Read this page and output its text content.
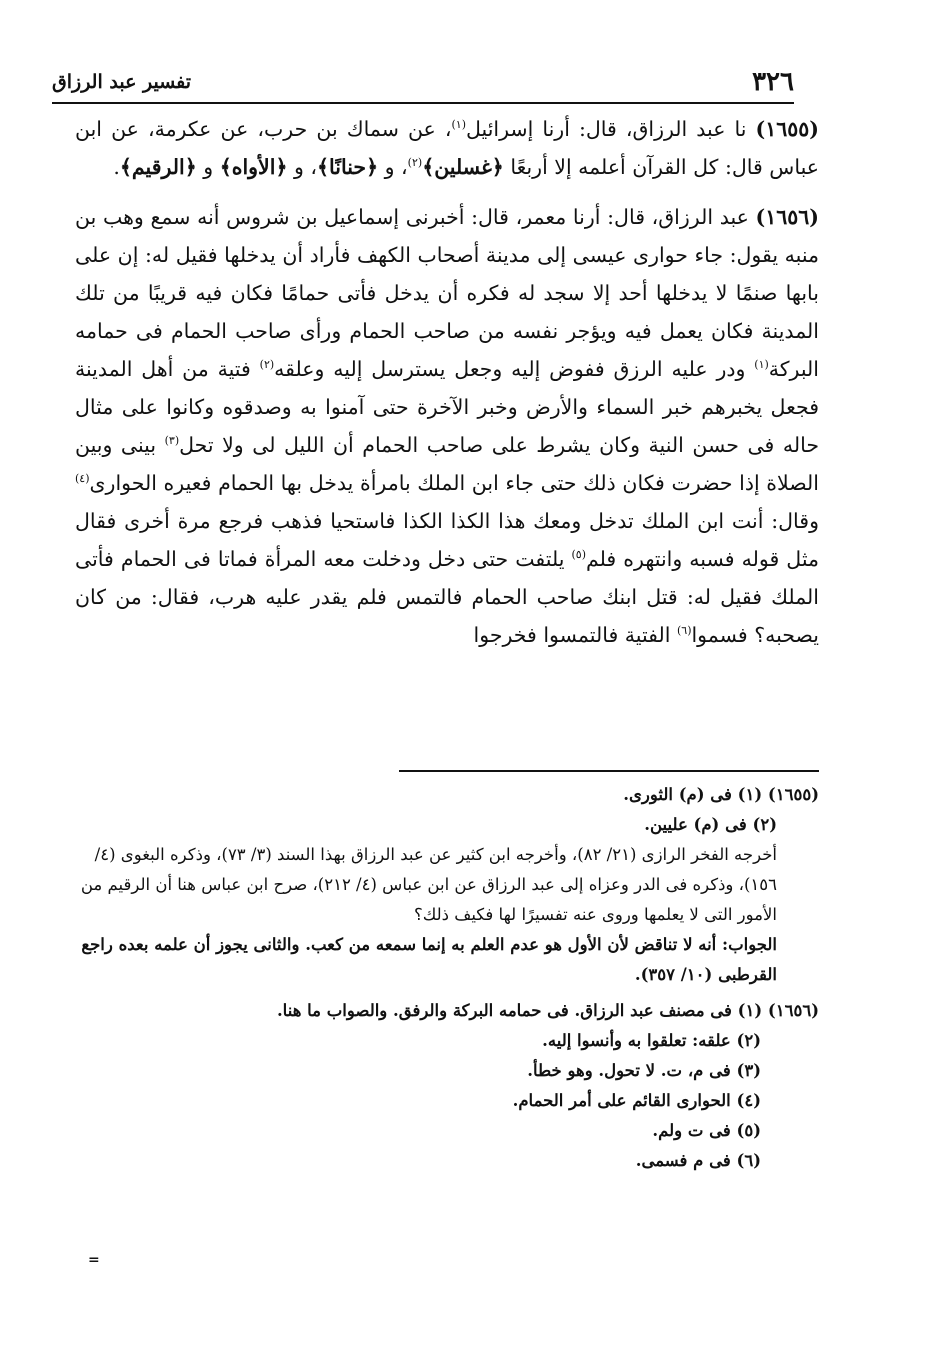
٣٢٦
تفسير عبد الرزاق

(١٦٥٥) نا عبد الرزاق، قال: أرنا إسرائيل$^{(١)}$، عن سماك بن حرب، عن عكرمة، عن ابن عباس قال: كل القرآن أعلمه إلا أربعًا ﴿غسلين﴾$^{(٢)}$، و ﴿حنانًا﴾، و ﴿الأواه﴾ و ﴿الرقيم﴾.

(١٦٥٦) عبد الرزاق، قال: أرنا معمر، قال: أخبرنى إسماعيل بن شروس أنه سمع وهب بن منبه يقول: جاء حوارى عيسى إلى مدينة أصحاب الكهف فأراد أن يدخلها فقيل له: إن على بابها صنمًا لا يدخلها أحد إلا سجد له فكره أن يدخل فأتى حمامًا فكان فيه قريبًا من تلك المدينة فكان يعمل فيه ويؤجر نفسه من صاحب الحمام ورأى صاحب الحمام فى حمامه البركة$^{(١)}$ ودر عليه الرزق ففوض إليه وجعل يسترسل إليه وعلقه$^{(٢)}$ فتية من أهل المدينة فجعل يخبرهم خبر السماء والأرض وخبر الآخرة حتى آمنوا به وصدقوه وكانوا على مثال حاله فى حسن النية وكان يشرط على صاحب الحمام أن الليل لى ولا تحل$^{(٣)}$ بينى وبين الصلاة إذا حضرت فكان ذلك حتى جاء ابن الملك بامرأة يدخل بها الحمام فعيره الحوارى$^{(٤)}$ وقال: أنت ابن الملك تدخل ومعك هذا الكذا الكذا فاستحيا فذهب فرجع مرة أخرى فقال مثل قوله فسبه وانتهره فلم$^{(٥)}$ يلتفت حتى دخل ودخلت معه المرأة فماتا فى الحمام فأتى الملك فقيل له: قتل ابنك صاحب الحمام فالتمس فلم يقدر عليه هرب، فقال: من كان يصحبه؟ فسموا$^{(٦)}$ الفتية فالتمسوا فخرجوا

(١٦٥٥) (١) فى (م) الثورى.

(٢) فى (م) عليين.

أخرجه الفخر الرازى (٢١/ ٨٢)، وأخرجه ابن كثير عن عبد الرزاق بهذا السند (٣/ ٧٣)، وذكره البغوى (٤/ ١٥٦)، وذكره فى الدر وعزاه إلى عبد الرزاق عن ابن عباس (٤/ ٢١٢)، صرح ابن عباس هنا أن الرقيم من الأمور التى لا يعلمها وروى عنه تفسيرًا لها فكيف ذلك؟

الجواب: أنه لا تناقض لأن الأول هو عدم العلم به إنما سمعه من كعب. والثانى يجوز أن علمه بعده راجع القرطبى (١٠/ ٣٥٧).

(١٦٥٦) (١) فى مصنف عبد الرزاق. فى حمامه البركة والرفق. والصواب ما هنا.

(٢) علقه: تعلقوا به وأنسوا إليه.

(٣) فى م، ت. لا تحول. وهو خطأ.

(٤) الحوارى القائم على أمر الحمام.

(٥) فى ت ولم.

(٦) فى م فسمى.

=
